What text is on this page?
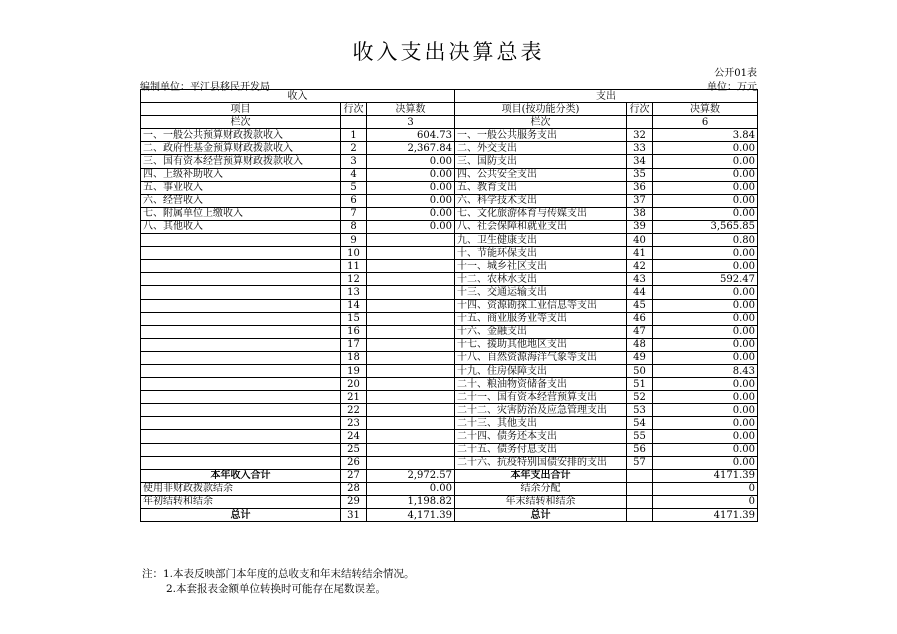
收入支出决算总表
公开01表
编制单位：平江县移民开发局	单位：万元
收入			支出		
项目	行次	决算数	项目(按功能分类)	行次	决算数
栏次		3	栏次		6
一、一般公共预算财政拨款收入	1	604.73	一、一般公共服务支出	32	3.84
二、政府性基金预算财政拨款收入	2	2,367.84	二、外交支出	33	0.00
三、国有资本经营预算财政拨款收入	3	0.00	三、国防支出	34	0.00
四、上级补助收入	4	0.00	四、公共安全支出	35	0.00
五、事业收入	5	0.00	五、教育支出	36	0.00
六、经营收入	6	0.00	六、科学技术支出	37	0.00
七、附属单位上缴收入	7	0.00	七、文化旅游体育与传媒支出	38	0.00
八、其他收入	8	0.00	八、社会保障和就业支出	39	3,565.85
	9		九、卫生健康支出	40	0.80
	10		十、节能环保支出	41	0.00
	11		十一、城乡社区支出	42	0.00
	12		十二、农林水支出	43	592.47
	13		十三、交通运输支出	44	0.00
	14		十四、资源勘探工业信息等支出	45	0.00
	15		十五、商业服务业等支出	46	0.00
	16		十六、金融支出	47	0.00
	17		十七、援助其他地区支出	48	0.00
	18		十八、自然资源海洋气象等支出	49	0.00
	19		十九、住房保障支出	50	8.43
	20		二十、粮油物资储备支出	51	0.00
	21		二十一、国有资本经营预算支出	52	0.00
	22		二十二、灾害防治及应急管理支出	53	0.00
	23		二十三、其他支出	54	0.00
	24		二十四、债务还本支出	55	0.00
	25		二十五、债务付息支出	56	0.00
	26		二十六、抗疫特别国债安排的支出	57	0.00
本年收入合计	27	2,972.57	本年支出合计		4171.39
使用非财政拨款结余	28	0.00	结余分配		0
年初结转和结余	29	1,198.82	年末结转和结余		0
总计	31	4,171.39	总计		4171.39
注：1.本表反映部门本年度的总收支和年末结转结余情况。
2.本套报表金额单位转换时可能存在尾数误差。
